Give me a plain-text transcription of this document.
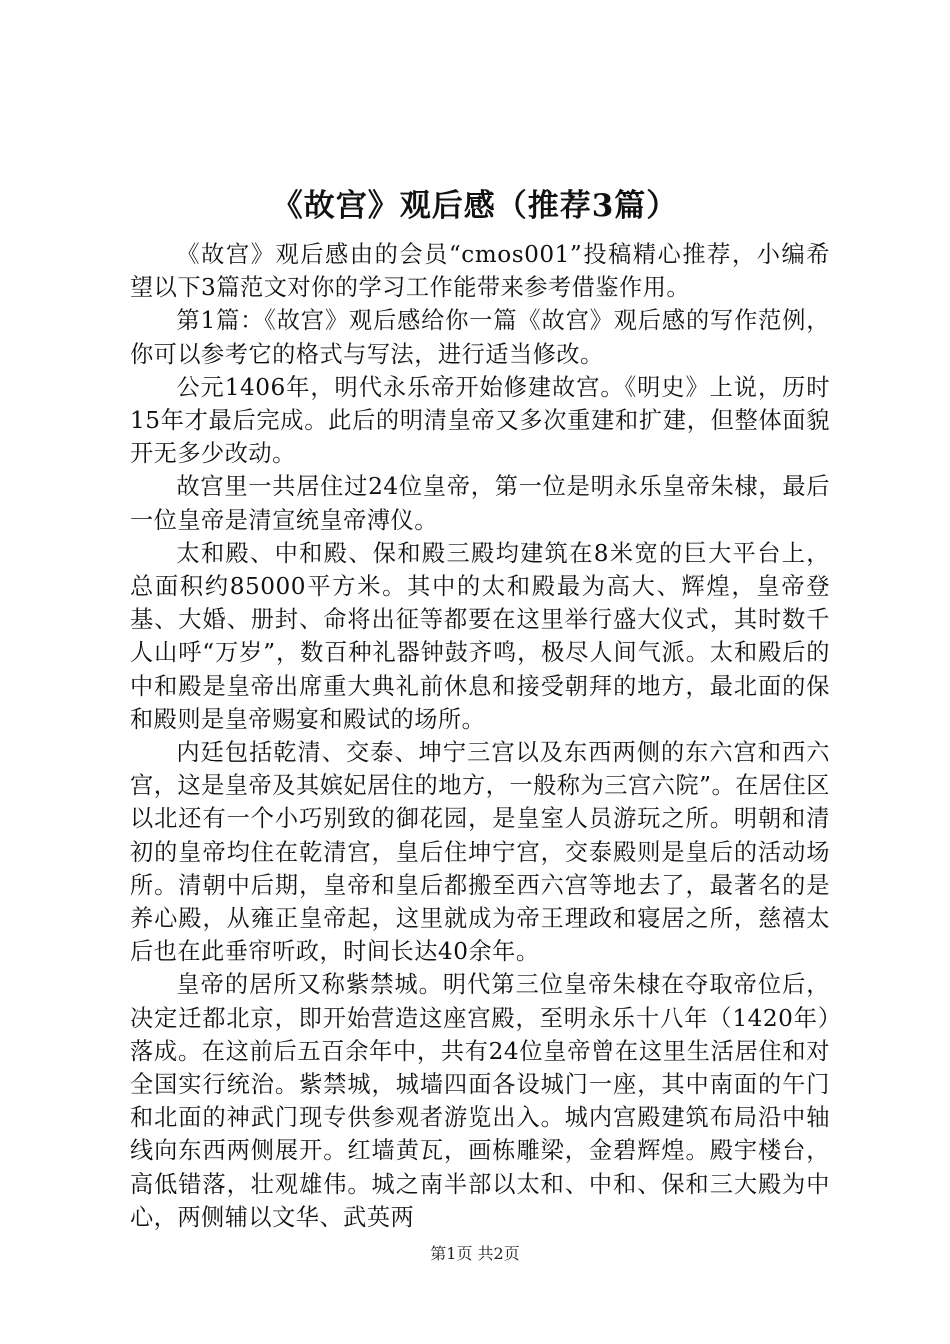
《故宫》观后感（推荐3篇）

《故宫》观后感由的会员“cmos001”投稿精心推荐，小编希望以下3篇范文对你的学习工作能带来参考借鉴作用。

第1篇：《故宫》观后感给你一篇《故宫》观后感的写作范例，你可以参考它的格式与写法，进行适当修改。

公元1406年，明代永乐帝开始修建故宫。《明史》上说，历时15年才最后完成。此后的明清皇帝又多次重建和扩建，但整体面貌开无多少改动。

故宫里一共居住过24位皇帝，第一位是明永乐皇帝朱棣，最后一位皇帝是清宣统皇帝溥仪。

太和殿、中和殿、保和殿三殿均建筑在8米宽的巨大平台上，总面积约85000平方米。其中的太和殿最为高大、辉煌，皇帝登基、大婚、册封、命将出征等都要在这里举行盛大仪式，其时数千人山呼“万岁”，数百种礼器钟鼓齐鸣，极尽人间气派。太和殿后的中和殿是皇帝出席重大典礼前休息和接受朝拜的地方，最北面的保和殿则是皇帝赐宴和殿试的场所。

内廷包括乾清、交泰、坤宁三宫以及东西两侧的东六宫和西六宫，这是皇帝及其嫔妃居住的地方，一般称为三宫六院”。在居住区以北还有一个小巧别致的御花园，是皇室人员游玩之所。明朝和清初的皇帝均住在乾清宫，皇后住坤宁宫，交泰殿则是皇后的活动场所。清朝中后期，皇帝和皇后都搬至西六宫等地去了，最著名的是养心殿，从雍正皇帝起，这里就成为帝王理政和寝居之所，慈禧太后也在此垂帘听政，时间长达40余年。

皇帝的居所又称紫禁城。明代第三位皇帝朱棣在夺取帝位后，决定迁都北京，即开始营造这座宫殿，至明永乐十八年（1420年）落成。在这前后五百余年中，共有24位皇帝曾在这里生活居住和对全国实行统治。紫禁城，城墙四面各设城门一座，其中南面的午门和北面的神武门现专供参观者游览出入。城内宫殿建筑布局沿中轴线向东西两侧展开。红墙黄瓦，画栋雕梁，金碧辉煌。殿宇楼台，高低错落，壮观雄伟。城之南半部以太和、中和、保和三大殿为中心，两侧辅以文华、武英两

第1页 共2页
